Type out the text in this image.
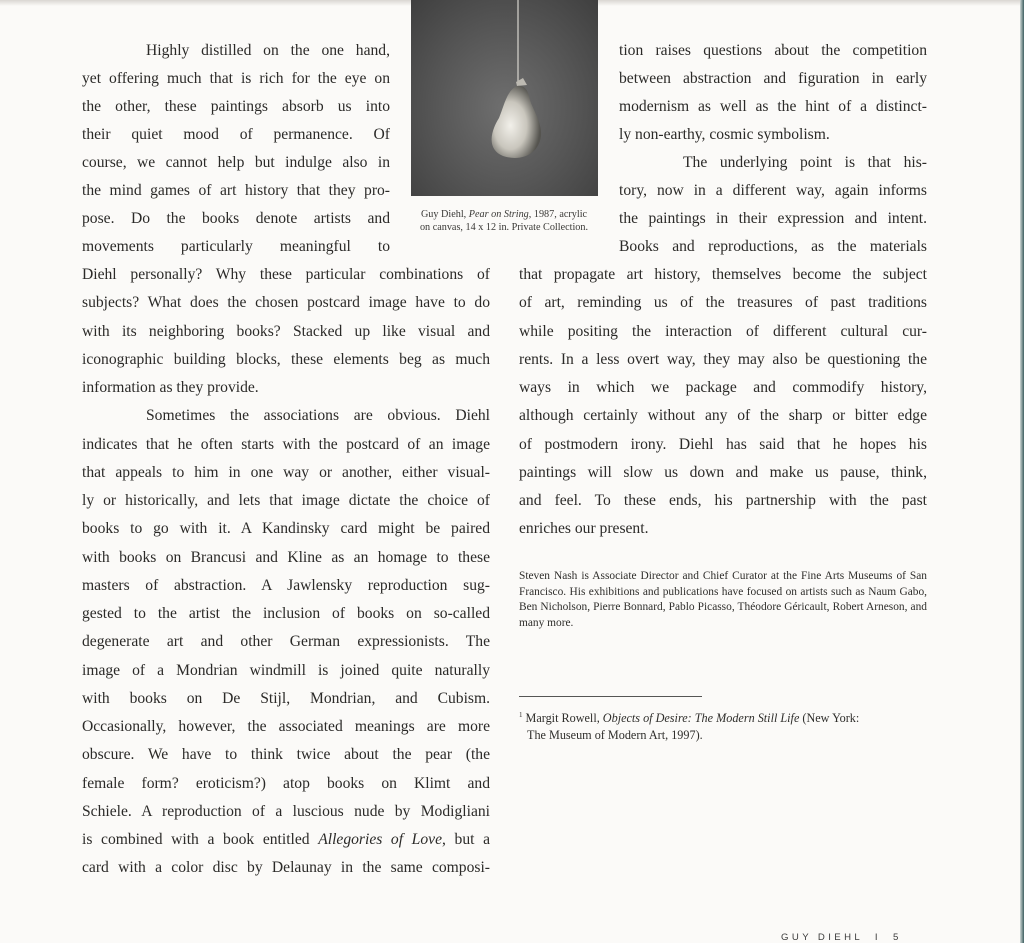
Guy Diehl, Pear on String, 1987, acrylic
on canvas, 14 x 12 in. Private Collection.
Highly distilled on the one hand,
yet offering much that is rich for the eye on
the other, these paintings absorb us into
their quiet mood of permanence. Of
course, we cannot help but indulge also in
the mind games of art history that they pro-
pose. Do the books denote artists and
movements particularly meaningful to
Diehl personally? Why these particular combinations of
subjects? What does the chosen postcard image have to do
with its neighboring books? Stacked up like visual and
iconographic building blocks, these elements beg as much
information as they provide.
Sometimes the associations are obvious. Diehl
indicates that he often starts with the postcard of an image
that appeals to him in one way or another, either visual-
ly or historically, and lets that image dictate the choice of
books to go with it. A Kandinsky card might be paired
with books on Brancusi and Kline as an homage to these
masters of abstraction. A Jawlensky reproduction sug-
gested to the artist the inclusion of books on so-called
degenerate art and other German expressionists. The
image of a Mondrian windmill is joined quite naturally
with books on De Stijl, Mondrian, and Cubism.
Occasionally, however, the associated meanings are more
obscure. We have to think twice about the pear (the
female form? eroticism?) atop books on Klimt and
Schiele. A reproduction of a luscious nude by Modigliani
is combined with a book entitled Allegories of Love, but a
card with a color disc by Delaunay in the same composi-
tion raises questions about the competition
between abstraction and figuration in early
modernism as well as the hint of a distinct-
ly non-earthy, cosmic symbolism.
The underlying point is that his-
tory, now in a different way, again informs
the paintings in their expression and intent.
Books and reproductions, as the materials
that propagate art history, themselves become the subject
of art, reminding us of the treasures of past traditions
while positing the interaction of different cultural cur-
rents. In a less overt way, they may also be questioning the
ways in which we package and commodify history,
although certainly without any of the sharp or bitter edge
of postmodern irony. Diehl has said that he hopes his
paintings will slow us down and make us pause, think,
and feel. To these ends, his partnership with the past
enriches our present.
Steven Nash is Associate Director and Chief Curator at the Fine Arts Museums of San Francisco. His exhibitions and publications have focused on artists such as Naum Gabo, Ben Nicholson, Pierre Bonnard, Pablo Picasso, Théodore Géricault, Robert Arneson, and many more.
$^1$ Margit Rowell, Objects of Desire: The Modern Still Life (New York:
The Museum of Modern Art, 1997).
GUY DIEHL I 5
